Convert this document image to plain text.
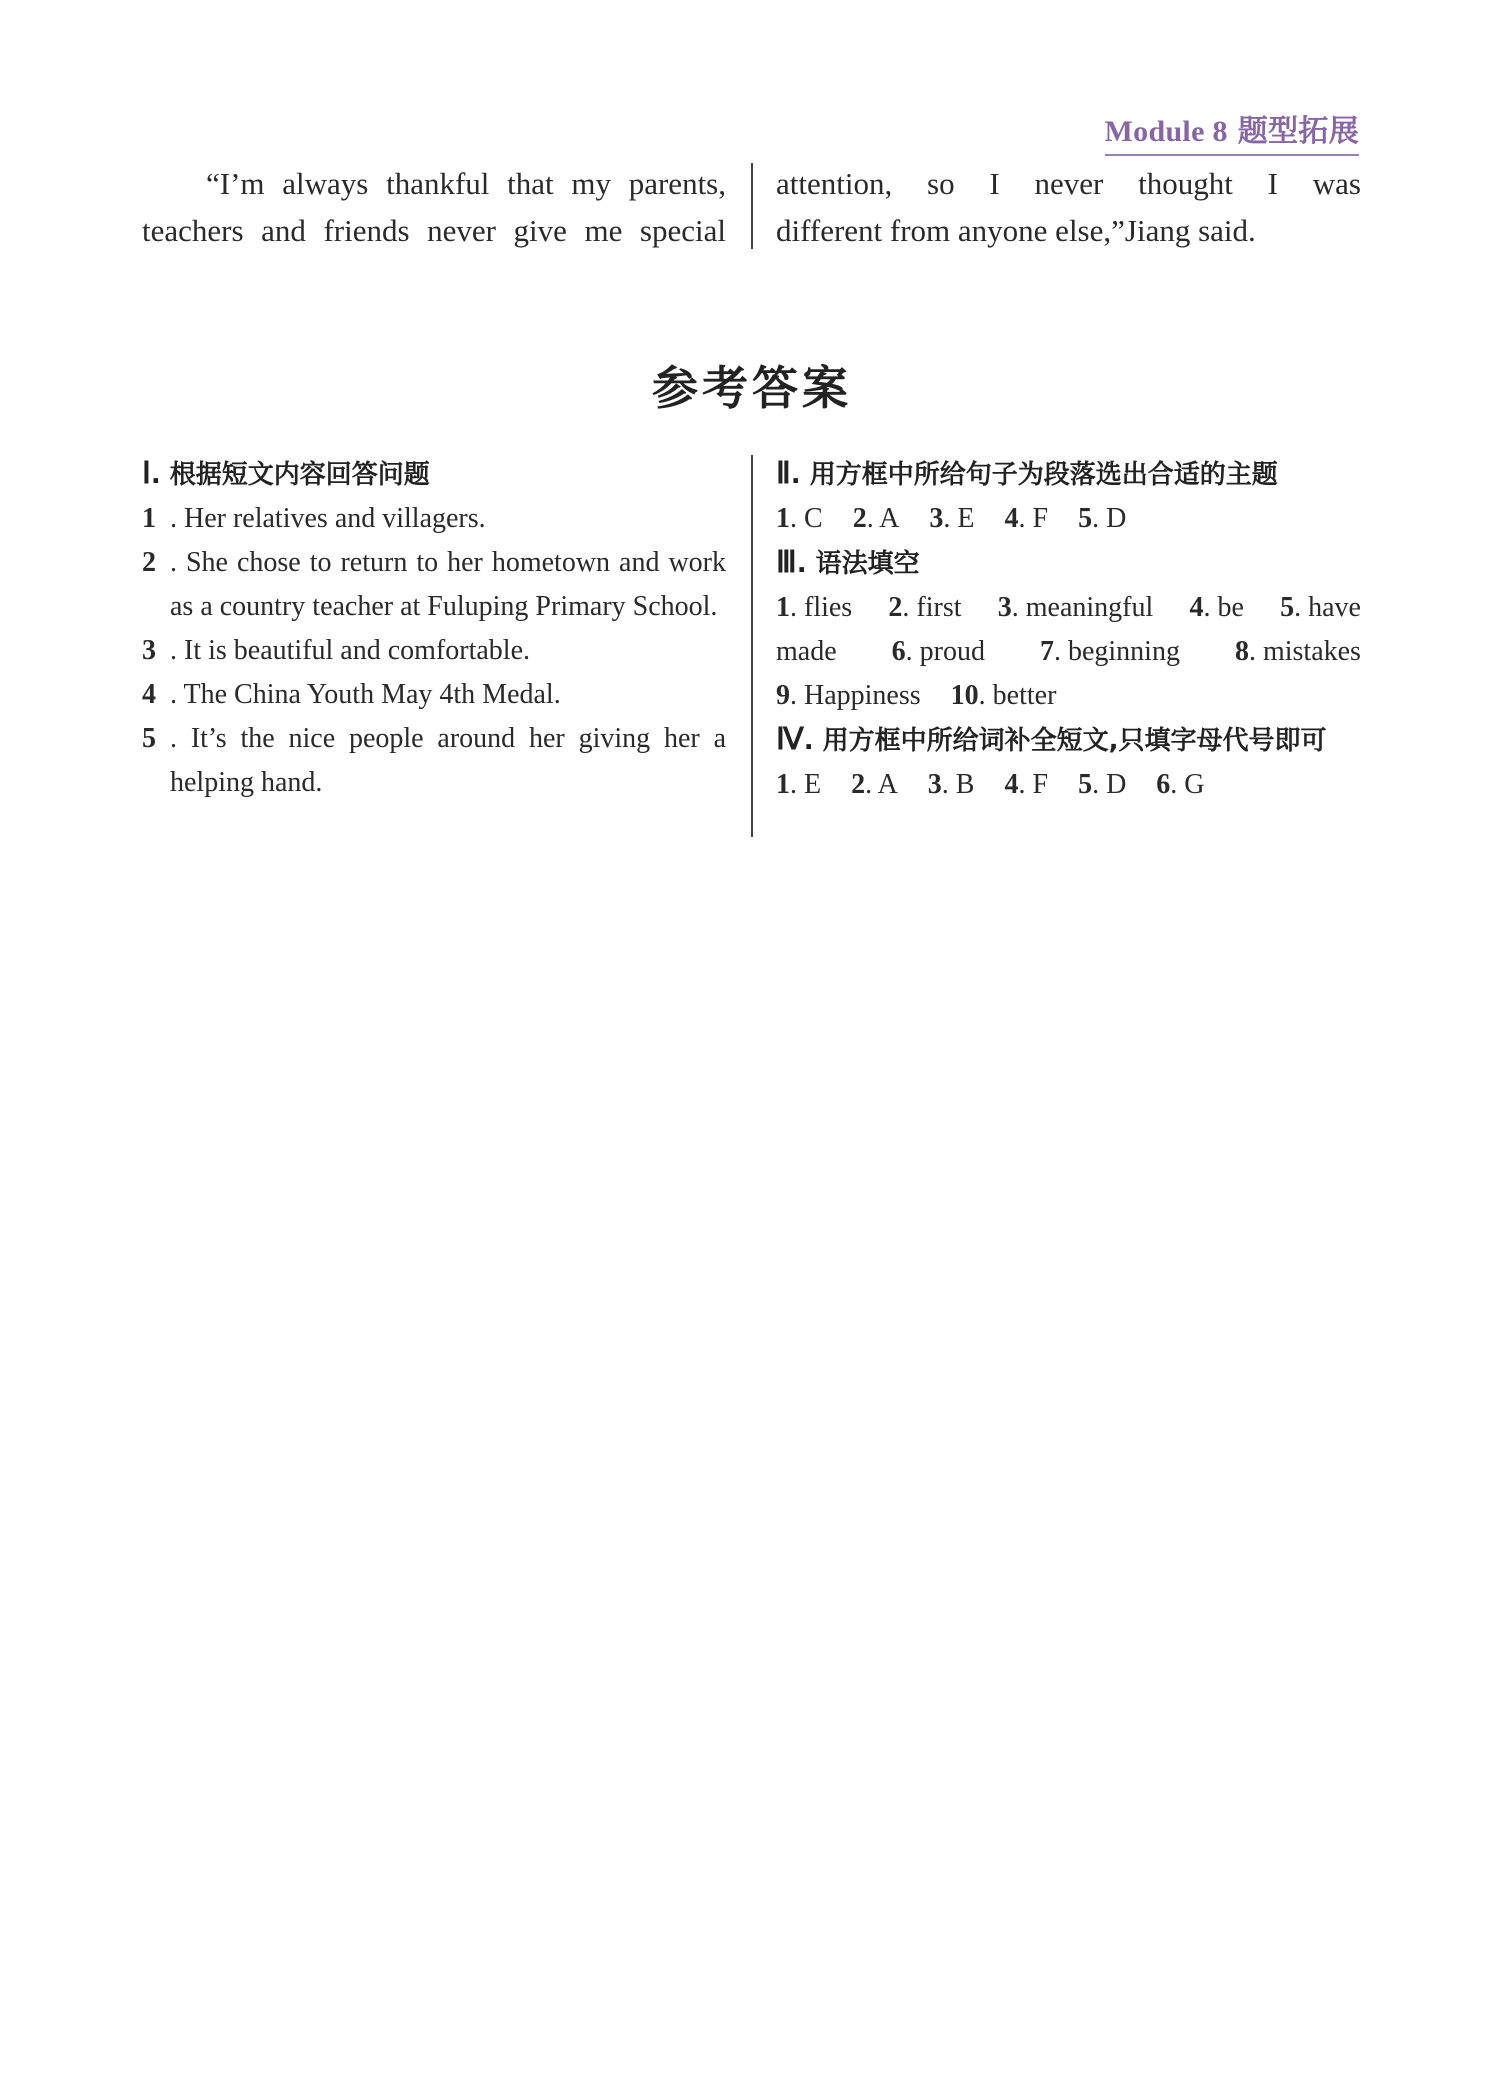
Module 8 题型拓展
“I’m always thankful that my parents,
teachers and friends never give me special
attention, so I never thought I was
different from anyone else,”Jiang said.
参考答案
Ⅰ. 根据短文内容回答问题
1 . Her relatives and villagers.
2 . She chose to return to her hometown and work as a country teacher at Fuluping Primary School.
3 . It is beautiful and comfortable.
4 . The China Youth May 4th Medal.
5 . It’s the nice people around her giving her a helping hand.
Ⅱ. 用方框中所给句子为段落选出合适的主题
1. C 2. A 3. E 4. F 5. D
Ⅲ. 语法填空
1. flies 2. first 3. meaningful 4. be 5. have
made 6. proud 7. beginning 8. mistakes
9. Happiness 10. better
Ⅳ. 用方框中所给词补全短文,只填字母代号即可
1. E 2. A 3. B 4. F 5. D 6. G
